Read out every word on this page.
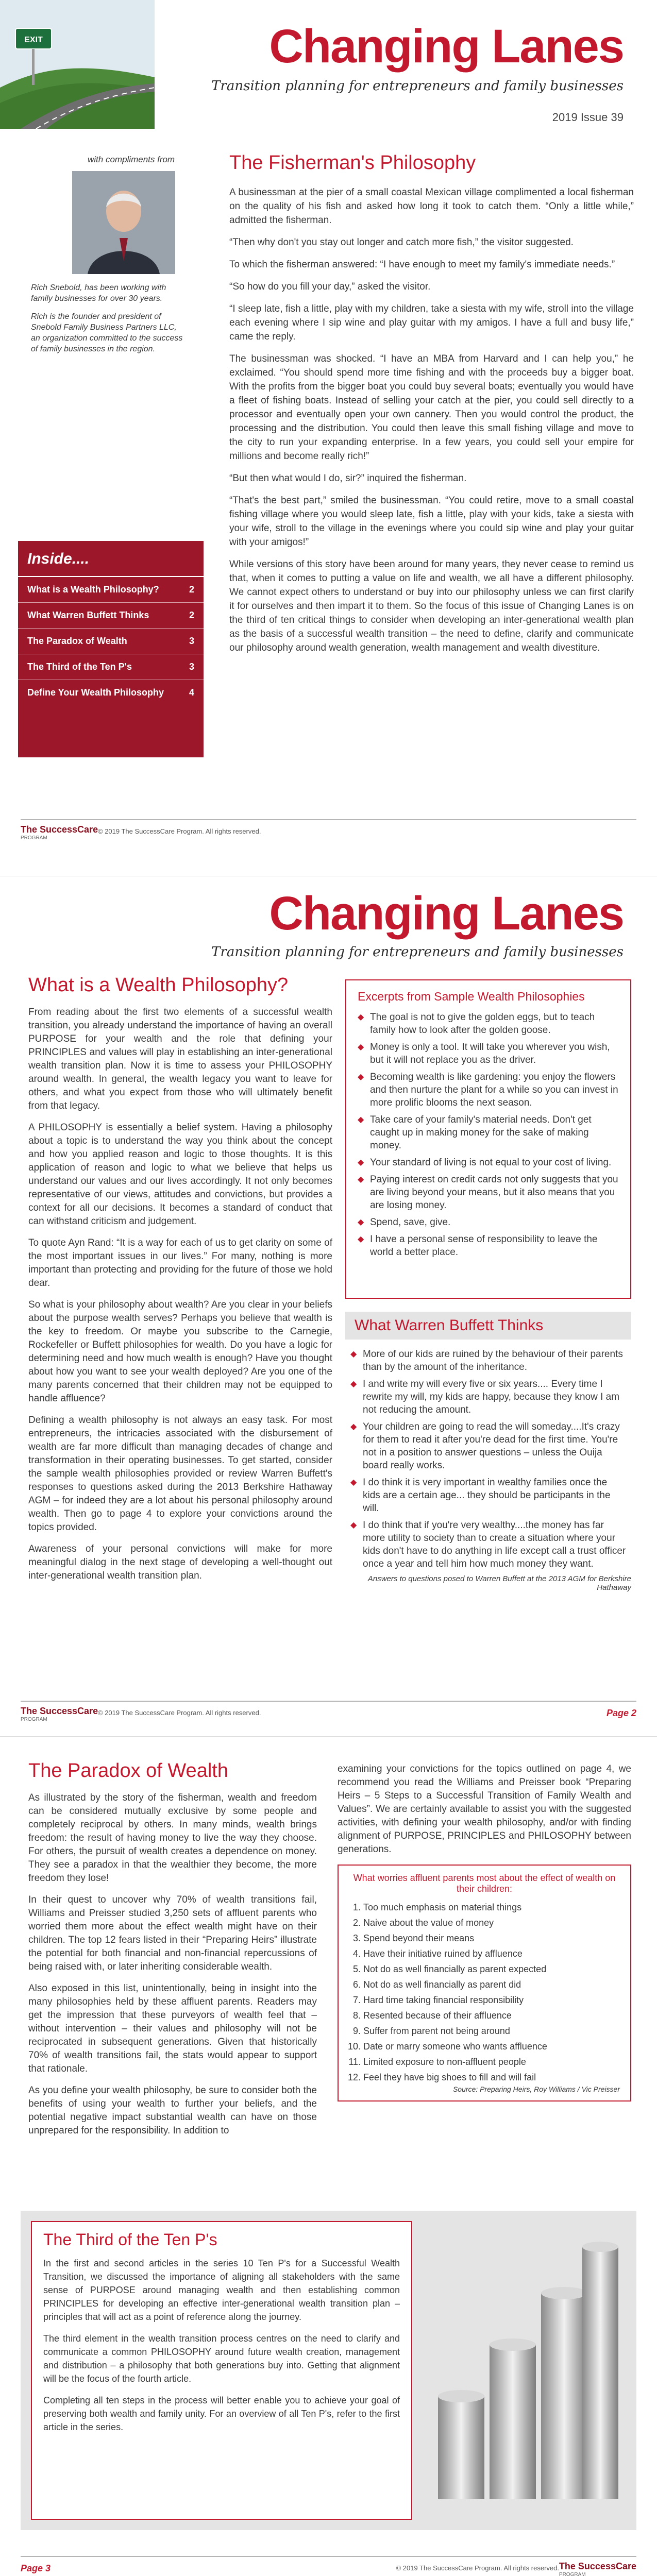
EXIT	Changing Lanes
Transition planning for entrepreneurs and family businesses
2019 Issue 39
with compliments from

Rich Snebold, has been working with family businesses for over 30 years.

Rich is the founder and president of Snebold Family Business Partners LLC, an organization committed to the success of family businesses in the region.

Inside....
What is a Wealth Philosophy?	2
What Warren Buffett Thinks	2
The Paradox of Wealth	3
The Third of the Ten P's	3
Define Your Wealth Philosophy	4
The Fisherman's Philosophy

A businessman at the pier of a small coastal Mexican village complimented a local fisherman on the quality of his fish and asked how long it took to catch them. “Only a little while,” admitted the fisherman.

“Then why don't you stay out longer and catch more fish,” the visitor suggested.

To which the fisherman answered: “I have enough to meet my family's immediate needs.”

“So how do you fill your day,” asked the visitor.

“I sleep late, fish a little, play with my children, take a siesta with my wife, stroll into the village each evening where I sip wine and play guitar with my amigos. I have a full and busy life,” came the reply.

The businessman was shocked. “I have an MBA from Harvard and I can help you,” he exclaimed. “You should spend more time fishing and with the proceeds buy a bigger boat. With the profits from the bigger boat you could buy several boats; eventually you would have a fleet of fishing boats. Instead of selling your catch at the pier, you could sell directly to a processor and eventually open your own cannery. Then you would control the product, the processing and the distribution. You could then leave this small fishing village and move to the city to run your expanding enterprise. In a few years, you could sell your empire for millions and become really rich!”

“But then what would I do, sir?” inquired the fisherman.

“That's the best part,” smiled the businessman. “You could retire, move to a small coastal fishing village where you would sleep late, fish a little, play with your kids, take a siesta with your wife, stroll to the village in the evenings where you could sip wine and play your guitar with your amigos!”

While versions of this story have been around for many years, they never cease to remind us that, when it comes to putting a value on life and wealth, we all have a different philosophy. We cannot expect others to understand or buy into our philosophy unless we can first clarify it for ourselves and then impart it to them. So the focus of this issue of Changing Lanes is on the third of ten critical things to consider when developing an inter-generational wealth plan as the basis of a successful wealth transition – the need to define, clarify and communicate our philosophy around wealth generation, wealth management and wealth divestiture.

The SuccessCare
PROGRAM
© 2019 The SuccessCare Program. All rights reserved.
Changing Lanes
Transition planning for entrepreneurs and family businesses
What is a Wealth Philosophy?

From reading about the first two elements of a successful wealth transition, you already understand the importance of having an overall PURPOSE for your wealth and the role that defining your PRINCIPLES and values will play in establishing an inter-generational wealth transition plan. Now it is time to assess your PHILOSOPHY around wealth. In general, the wealth legacy you want to leave for others, and what you expect from those who will ultimately benefit from that legacy.

A PHILOSOPHY is essentially a belief system. Having a philosophy about a topic is to understand the way you think about the concept and how you applied reason and logic to those thoughts. It is this application of reason and logic to what we believe that helps us understand our values and our lives accordingly. It not only becomes representative of our views, attitudes and convictions, but provides a context for all our decisions. It becomes a standard of conduct that can withstand criticism and judgement.

To quote Ayn Rand: “It is a way for each of us to get clarity on some of the most important issues in our lives.” For many, nothing is more important than protecting and providing for the future of those we hold dear.

So what is your philosophy about wealth? Are you clear in your beliefs about the purpose wealth serves? Perhaps you believe that wealth is the key to freedom. Or maybe you subscribe to the Carnegie, Rockefeller or Buffett philosophies for wealth. Do you have a logic for determining need and how much wealth is enough? Have you thought about how you want to see your wealth deployed? Are you one of the many parents concerned that their children may not be equipped to handle affluence?

Defining a wealth philosophy is not always an easy task. For most entrepreneurs, the intricacies associated with the disbursement of wealth are far more difficult than managing decades of change and transformation in their operating businesses. To get started, consider the sample wealth philosophies provided or review Warren Buffett's responses to questions asked during the 2013 Berkshire Hathaway AGM – for indeed they are a lot about his personal philosophy around wealth. Then go to page 4 to explore your convictions around the topics provided.

Awareness of your personal convictions will make for more meaningful dialog in the next stage of developing a well-thought out inter-generational wealth transition plan.

Excerpts from Sample Wealth Philosophies
◆ The goal is not to give the golden eggs, but to teach family how to look after the golden goose.
◆ Money is only a tool. It will take you wherever you wish, but it will not replace you as the driver.
◆ Becoming wealth is like gardening: you enjoy the flowers and then nurture the plant for a while so you can invest in more prolific blooms the next season.
◆ Take care of your family's material needs. Don't get caught up in making money for the sake of making money.
◆ Your standard of living is not equal to your cost of living.
◆ Paying interest on credit cards not only suggests that you are living beyond your means, but it also means that you are losing money.
◆ Spend, save, give.
◆ I have a personal sense of responsibility to leave the world a better place.
What Warren Buffett Thinks
◆ More of our kids are ruined by the behaviour of their parents than by the amount of the inheritance.
◆ I and write my will every five or six years.... Every time I rewrite my will, my kids are happy, because they know I am not reducing the amount.
◆ Your children are going to read the will someday....It's crazy for them to read it after you're dead for the first time. You're not in a position to answer questions – unless the Ouija board really works.
◆ I do think it is very important in wealthy families once the kids are a certain age... they should be participants in the will.
◆ I do think that if you're very wealthy....the money has far more utility to society than to create a situation where your kids don't have to do anything in life except call a trust officer once a year and tell him how much money they want.
Answers to questions posed to Warren Buffett at the 2013 AGM for Berkshire Hathaway
The SuccessCare
PROGRAM
© 2019 The SuccessCare Program. All rights reserved.	Page 2
The Paradox of Wealth

As illustrated by the story of the fisherman, wealth and freedom can be considered mutually exclusive by some people and completely reciprocal by others. In many minds, wealth brings freedom: the result of having money to live the way they choose. For others, the pursuit of wealth creates a dependence on money. They see a paradox in that the wealthier they become, the more freedom they lose!

In their quest to uncover why 70% of wealth transitions fail, Williams and Preisser studied 3,250 sets of affluent parents who worried them more about the effect wealth might have on their children. The top 12 fears listed in their “Preparing Heirs” illustrate the potential for both financial and non-financial repercussions of being raised with, or later inheriting considerable wealth.

Also exposed in this list, unintentionally, being in insight into the many philosophies held by these affluent parents. Readers may get the impression that these purveyors of wealth feel that – without intervention – their values and philosophy will not be reciprocated in subsequent generations. Given that historically 70% of wealth transitions fail, the stats would appear to support that rationale.

As you define your wealth philosophy, be sure to consider both the benefits of using your wealth to further your beliefs, and the potential negative impact substantial wealth can have on those unprepared for the responsibility. In addition to

examining your convictions for the topics outlined on page 4, we recommend you read the Williams and Preisser book “Preparing Heirs – 5 Steps to a Successful Transition of Family Wealth and Values”. We are certainly available to assist you with the suggested activities, with defining your wealth philosophy, and/or with finding alignment of PURPOSE, PRINCIPLES and PHILOSOPHY between generations.

What worries affluent parents most about the effect of wealth on their children:
1. Too much emphasis on material things
2. Naive about the value of money
3. Spend beyond their means
4. Have their initiative ruined by affluence
5. Not do as well financially as parent expected
6. Not do as well financially as parent did
7. Hard time taking financial responsibility
8. Resented because of their affluence
9. Suffer from parent not being around
10. Date or marry someone who wants affluence
11. Limited exposure to non-affluent people
12. Feel they have big shoes to fill and will fail
Source: Preparing Heirs, Roy Williams / Vic Preisser
The Third of the Ten P's

In the first and second articles in the series 10 Ten P's for a Successful Wealth Transition, we discussed the importance of aligning all stakeholders with the same sense of PURPOSE around managing wealth and then establishing common PRINCIPLES for developing an effective inter-generational wealth transition plan – principles that will act as a point of reference along the journey.

The third element in the wealth transition process centres on the need to clarify and communicate a common PHILOSOPHY around future wealth creation, management and distribution – a philosophy that both generations buy into. Getting that alignment will be the focus of the fourth article.

Completing all ten steps in the process will better enable you to achieve your goal of preserving both wealth and family unity. For an overview of all Ten P's, refer to the first article in the series.

Page 3	© 2019 The SuccessCare Program. All rights reserved. The SuccessCare
PROGRAM
